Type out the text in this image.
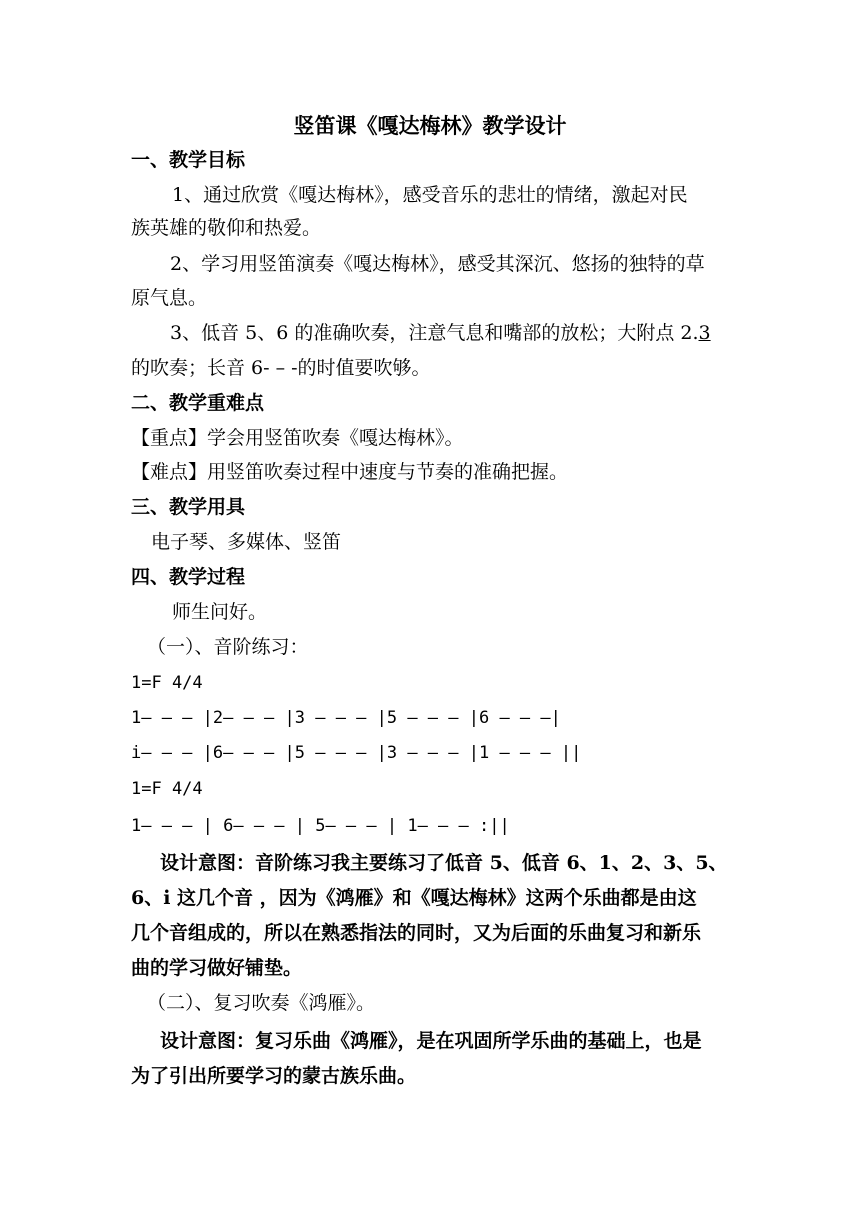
竖笛课《嘎达梅林》教学设计
一、教学目标
1、通过欣赏《嘎达梅林》，感受音乐的悲壮的情绪，激起对民
族英雄的敬仰和热爱。
2、学习用竖笛演奏《嘎达梅林》，感受其深沉、悠扬的独特的草
原气息。
3、低音 5、6 的准确吹奏，注意气息和嘴部的放松；大附点 2.3
的吹奏；长音 6- – -的时值要吹够。
二、教学重难点
【重点】学会用竖笛吹奏《嘎达梅林》。
【难点】用竖笛吹奏过程中速度与节奏的准确把握。
三、教学用具
电子琴、多媒体、竖笛
四、教学过程
师生问好。
（一）、音阶练习：
1=F 4/4
1— — — |2— — — |3 — — — |5 — — — |6 — — —|
i— — — |6— — — |5 — — — |3 — — — |1 — — — ||
1=F 4/4
1— — — | 6— — — | 5— — — | 1— — — :||
设计意图：音阶练习我主要练习了低音 5、低音 6、1、2、3、5、
6、i 这几个音 ，因为《鸿雁》和《嘎达梅林》这两个乐曲都是由这
几个音组成的，所以在熟悉指法的同时，又为后面的乐曲复习和新乐
曲的学习做好铺垫。
（二）、复习吹奏《鸿雁》。
设计意图：复习乐曲《鸿雁》，是在巩固所学乐曲的基础上，也是
为了引出所要学习的蒙古族乐曲。
